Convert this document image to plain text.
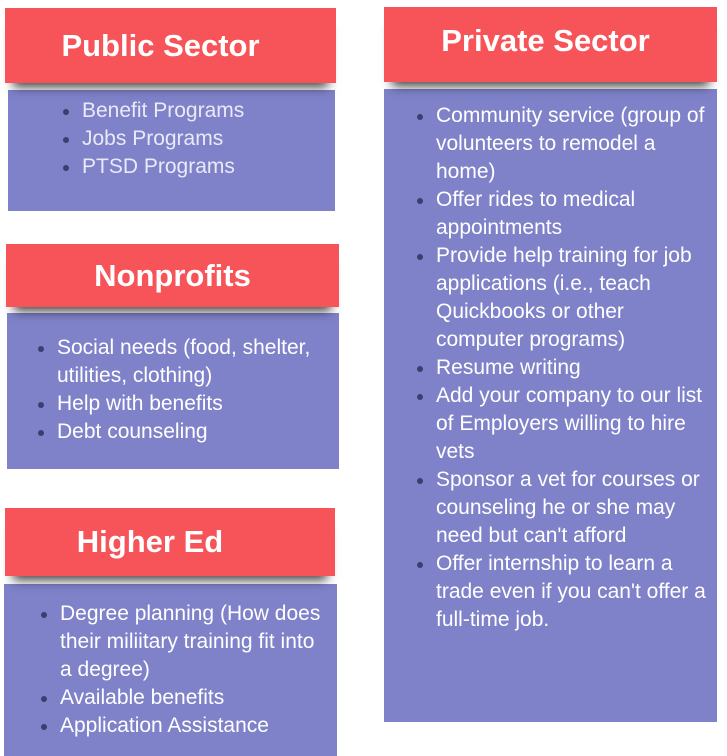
Benefit Programs
Jobs Programs
PTSD Programs
Public Sector
Social needs (food, shelter, utilities, clothing)
Help with benefits
Debt counseling
Nonprofits
Degree planning (How does their miliitary training fit into a degree)
Available benefits
Application Assistance
Higher Ed
Community service (group of volunteers to remodel a home)
Offer rides to medical appointments
Provide help training for job applications (i.e., teach Quickbooks or other computer programs)
Resume writing
Add your company to our list of Employers willing to hire vets
Sponsor a vet for courses or counseling he or she may need but can't afford
Offer internship to learn a trade even if you can't offer a full-time job.
Private Sector
